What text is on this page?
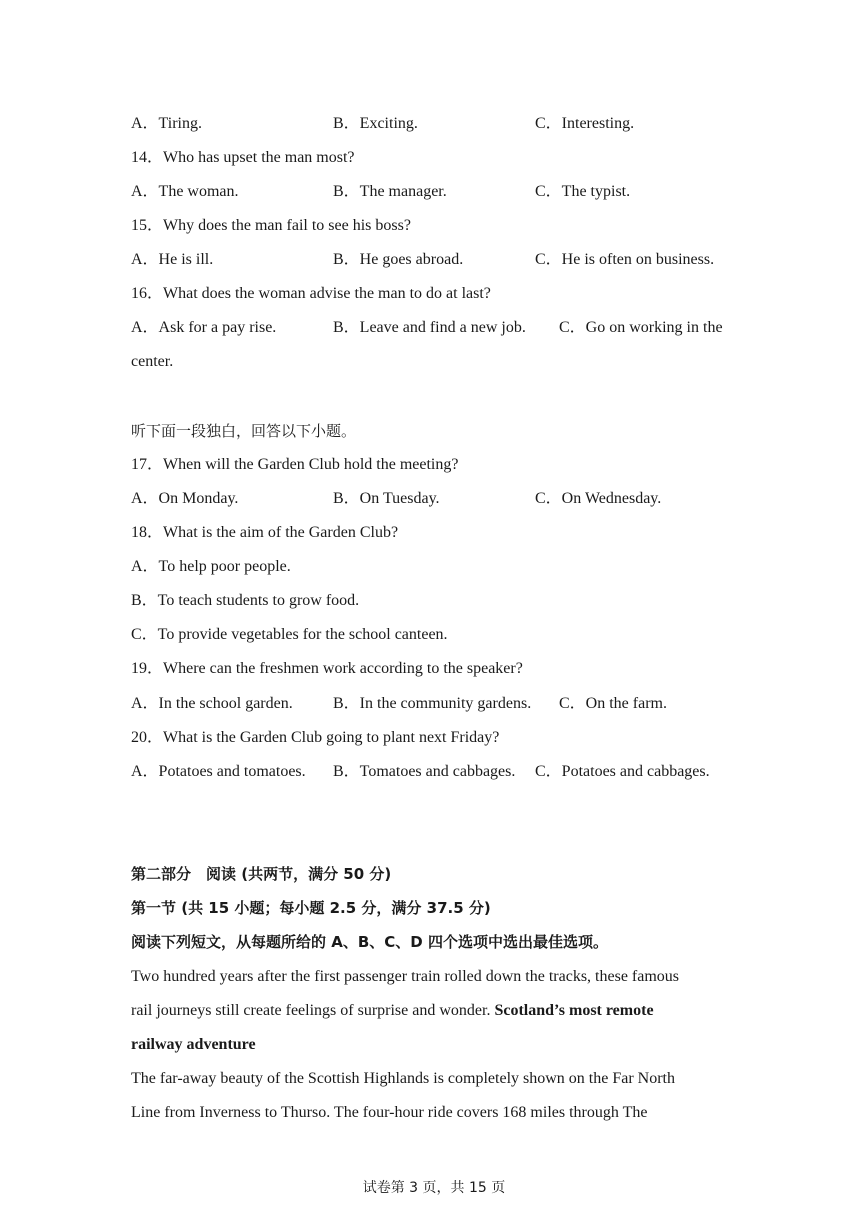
A．Tiring.	B．Exciting.	C．Interesting.
14．Who has upset the man most?
A．The woman.	B．The manager.	C．The typist.
15．Why does the man fail to see his boss?
A．He is ill.	B．He goes abroad.	C．He is often on business.
16．What does the woman advise the man to do at last?
A．Ask for a pay rise.	B．Leave and find a new job. C．Go on working in the
center.
听下面一段独白，回答以下小题。
17．When will the Garden Club hold the meeting?
A．On Monday.	B．On Tuesday.	C．On Wednesday.
18．What is the aim of the Garden Club?
A．To help poor people.
B．To teach students to grow food.
C．To provide vegetables for the school canteen.
19．Where can the freshmen work according to the speaker?
A．In the school garden.	B．In the community gardens. C．On the farm.
20．What is the Garden Club going to plant next Friday?
A．Potatoes and tomatoes. B．Tomatoes and cabbages. C．Potatoes and cabbages.
第二部分　阅读 (共两节，满分 50 分)
第一节 (共 15 小题；每小题 2.5 分，满分 37.5 分)
阅读下列短文，从每题所给的 A、B、C、D 四个选项中选出最佳选项。
Two hundred years after the first passenger train rolled down the tracks, these famous
rail journeys still create feelings of surprise and wonder. Scotland’s most remote
railway adventure
The far-away beauty of the Scottish Highlands is completely shown on the Far North
Line from Inverness to Thurso. The four-hour ride covers 168 miles through The
试卷第 3 页，共 15 页
